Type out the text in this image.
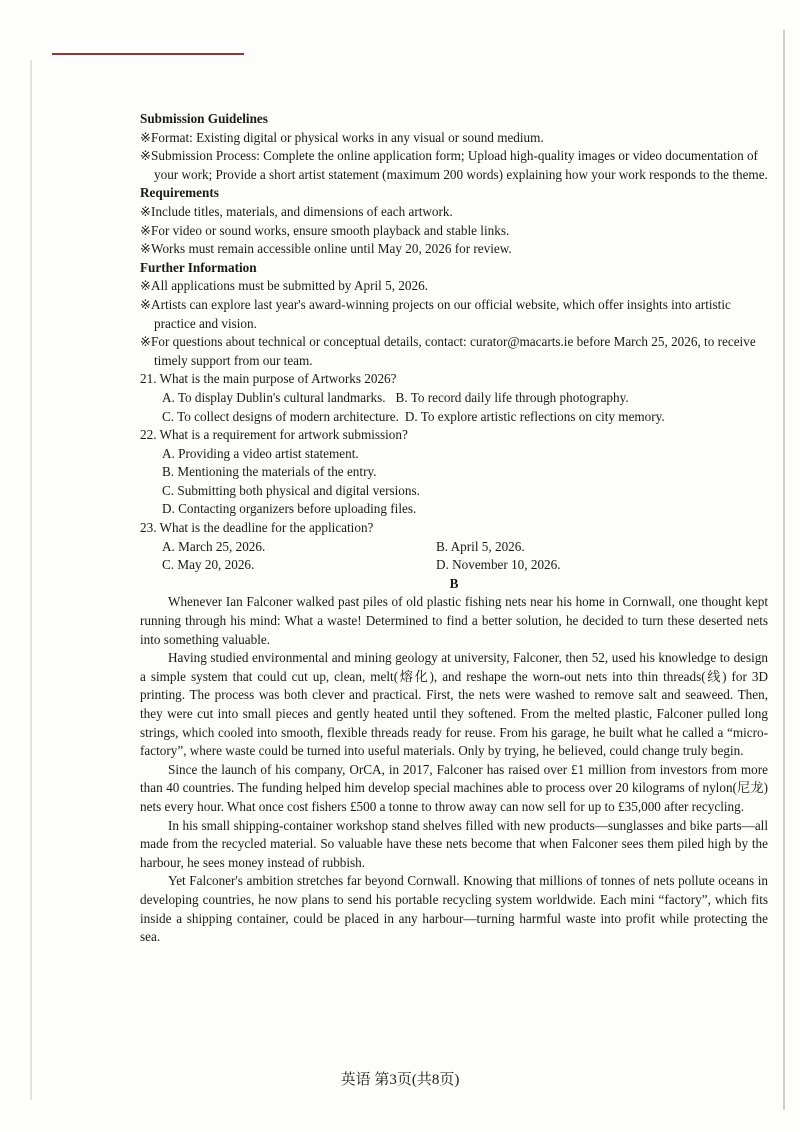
Submission Guidelines

※Format: Existing digital or physical works in any visual or sound medium.

※Submission Process: Complete the online application form; Upload high-quality images or video documentation of your work; Provide a short artist statement (maximum 200 words) explaining how your work responds to the theme.

Requirements

※Include titles, materials, and dimensions of each artwork.

※For video or sound works, ensure smooth playback and stable links.

※Works must remain accessible online until May 20, 2026 for review.

Further Information

※All applications must be submitted by April 5, 2026.

※Artists can explore last year's award-winning projects on our official website, which offer insights into artistic practice and vision.

※For questions about technical or conceptual details, contact: curator@macarts.ie before March 25, 2026, to receive timely support from our team.

21. What is the main purpose of Artworks 2026?

A. To display Dublin's cultural landmarks. B. To record daily life through photography.
C. To collect designs of modern architecture. D. To explore artistic reflections on city memory.

22. What is a requirement for artwork submission?

A. Providing a video artist statement.

B. Mentioning the materials of the entry.

C. Submitting both physical and digital versions.

D. Contacting organizers before uploading files.

23. What is the deadline for the application?

A. March 25, 2026.	B. April 5, 2026.
C. May 20, 2026.	D. November 10, 2026.

B

Whenever Ian Falconer walked past piles of old plastic fishing nets near his home in Cornwall, one thought kept running through his mind: What a waste! Determined to find a better solution, he decided to turn these deserted nets into something valuable.

Having studied environmental and mining geology at university, Falconer, then 52, used his knowledge to design a simple system that could cut up, clean, melt(熔化), and reshape the worn-out nets into thin threads(线) for 3D printing. The process was both clever and practical. First, the nets were washed to remove salt and seaweed. Then, they were cut into small pieces and gently heated until they softened. From the melted plastic, Falconer pulled long strings, which cooled into smooth, flexible threads ready for reuse. From his garage, he built what he called a “micro-factory”, where waste could be turned into useful materials. Only by trying, he believed, could change truly begin.

Since the launch of his company, OrCA, in 2017, Falconer has raised over £1 million from investors from more than 40 countries. The funding helped him develop special machines able to process over 20 kilograms of nylon(尼龙) nets every hour. What once cost fishers £500 a tonne to throw away can now sell for up to £35,000 after recycling.

In his small shipping-container workshop stand shelves filled with new products—sunglasses and bike parts—all made from the recycled material. So valuable have these nets become that when Falconer sees them piled high by the harbour, he sees money instead of rubbish.

Yet Falconer's ambition stretches far beyond Cornwall. Knowing that millions of tonnes of nets pollute oceans in developing countries, he now plans to send his portable recycling system worldwide. Each mini “factory”, which fits inside a shipping container, could be placed in any harbour—turning harmful waste into profit while protecting the sea.

英语 第3页(共8页)
